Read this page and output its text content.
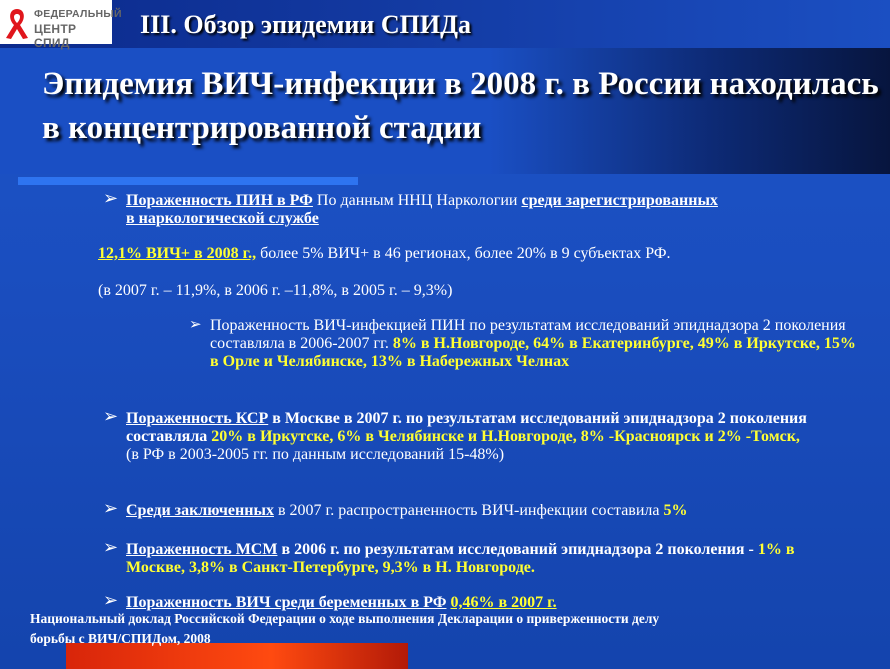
ФЕДЕРАЛЬНЫЙ
ЦЕНТР СПИД
III. Обзор эпидемии СПИДа
Эпидемия ВИЧ-инфекции в 2008 г. в России находилась в концентрированной стадии
➢ Пораженность ПИН в РФ По данным ННЦ Наркологии среди зарегистрированных в наркологической службе
12,1% ВИЧ+ в 2008 г., более 5% ВИЧ+ в 46 регионах, более 20% в 9 субъектах РФ.
(в 2007 г. – 11,9%, в 2006 г. –11,8%, в 2005 г. – 9,3%)
➢ Пораженность ВИЧ-инфекцией ПИН по результатам исследований эпиднадзора 2 поколения составляла в 2006-2007 гг. 8% в Н.Новгороде, 64% в Екатеринбурге, 49% в Иркутске, 15% в Орле и Челябинске, 13% в Набережных Челнах
➢ Пораженность КСР в Москве в 2007 г. по результатам исследований эпиднадзора 2 поколения составляла 20% в Иркутске, 6% в Челябинске и Н.Новгороде, 8% -Красноярск и 2% -Томск, (в РФ в 2003-2005 гг. по данным исследований 15-48%)
➢ Среди заключенных в 2007 г. распространенность ВИЧ-инфекции составила 5%
➢ Пораженность МСМ в 2006 г. по результатам исследований эпиднадзора 2 поколения - 1% в Москве, 3,8% в Санкт-Петербурге, 9,3% в Н. Новгороде.
➢ Пораженность ВИЧ среди беременных в РФ 0,46% в 2007 г.
Национальный доклад Российской Федерации о ходе выполнения Декларации о приверженности делу борьбы с ВИЧ/СПИДом, 2008
